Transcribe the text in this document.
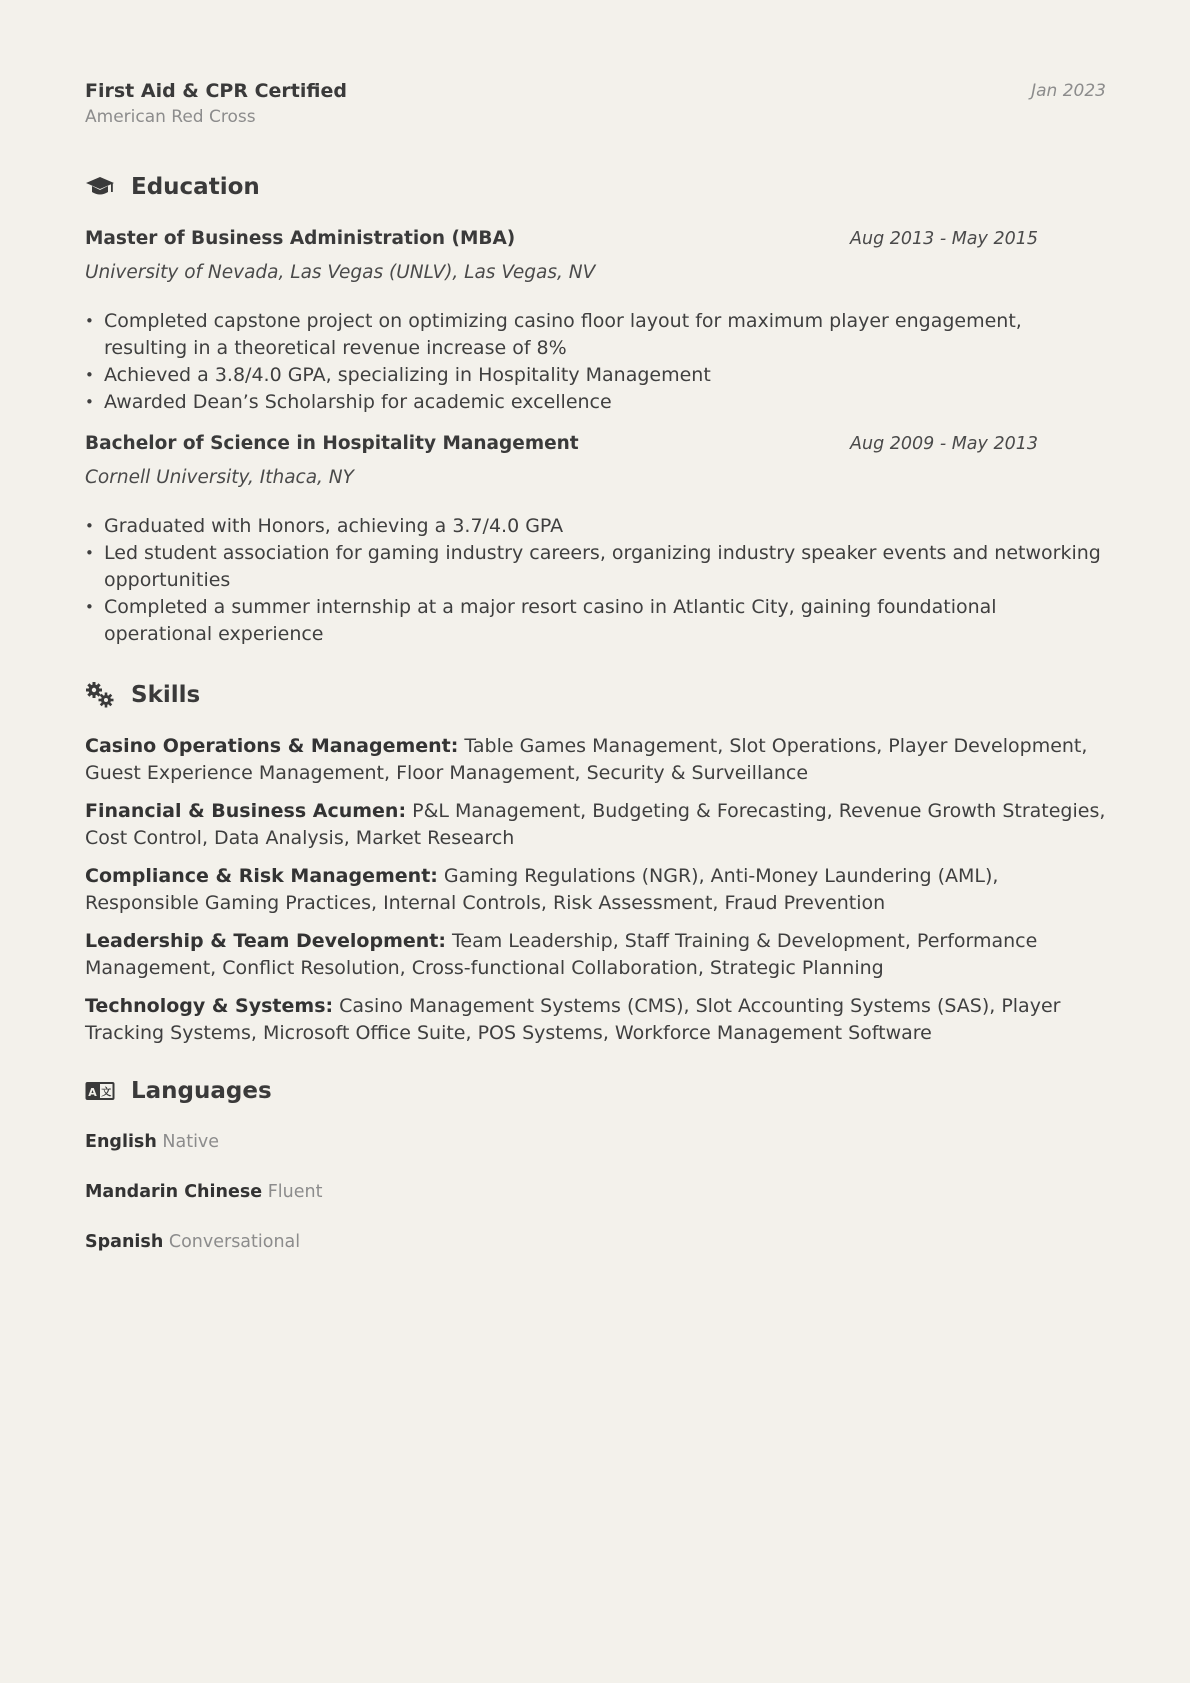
First Aid & CPR Certified
American Red Cross
Jan 2023
Education
Master of Business Administration (MBA)	Aug 2013 - May 2015
University of Nevada, Las Vegas (UNLV), Las Vegas, NV
• Completed capstone project on optimizing casino floor layout for maximum player engagement, resulting in a theoretical revenue increase of 8%
• Achieved a 3.8/4.0 GPA, specializing in Hospitality Management
• Awarded Dean’s Scholarship for academic excellence
Bachelor of Science in Hospitality Management	Aug 2009 - May 2013
Cornell University, Ithaca, NY
• Graduated with Honors, achieving a 3.7/4.0 GPA
• Led student association for gaming industry careers, organizing industry speaker events and networking opportunities
• Completed a summer internship at a major resort casino in Atlantic City, gaining foundational operational experience
Skills
Casino Operations & Management: Table Games Management, Slot Operations, Player Development, Guest Experience Management, Floor Management, Security & Surveillance
Financial & Business Acumen: P&L Management, Budgeting & Forecasting, Revenue Growth Strategies, Cost Control, Data Analysis, Market Research
Compliance & Risk Management: Gaming Regulations (NGR), Anti-Money Laundering (AML), Responsible Gaming Practices, Internal Controls, Risk Assessment, Fraud Prevention
Leadership & Team Development: Team Leadership, Staff Training & Development, Performance Management, Conflict Resolution, Cross-functional Collaboration, Strategic Planning
Technology & Systems: Casino Management Systems (CMS), Slot Accounting Systems (SAS), Player Tracking Systems, Microsoft Office Suite, POS Systems, Workforce Management Software
A 文 Languages
English Native
Mandarin Chinese Fluent
Spanish Conversational
